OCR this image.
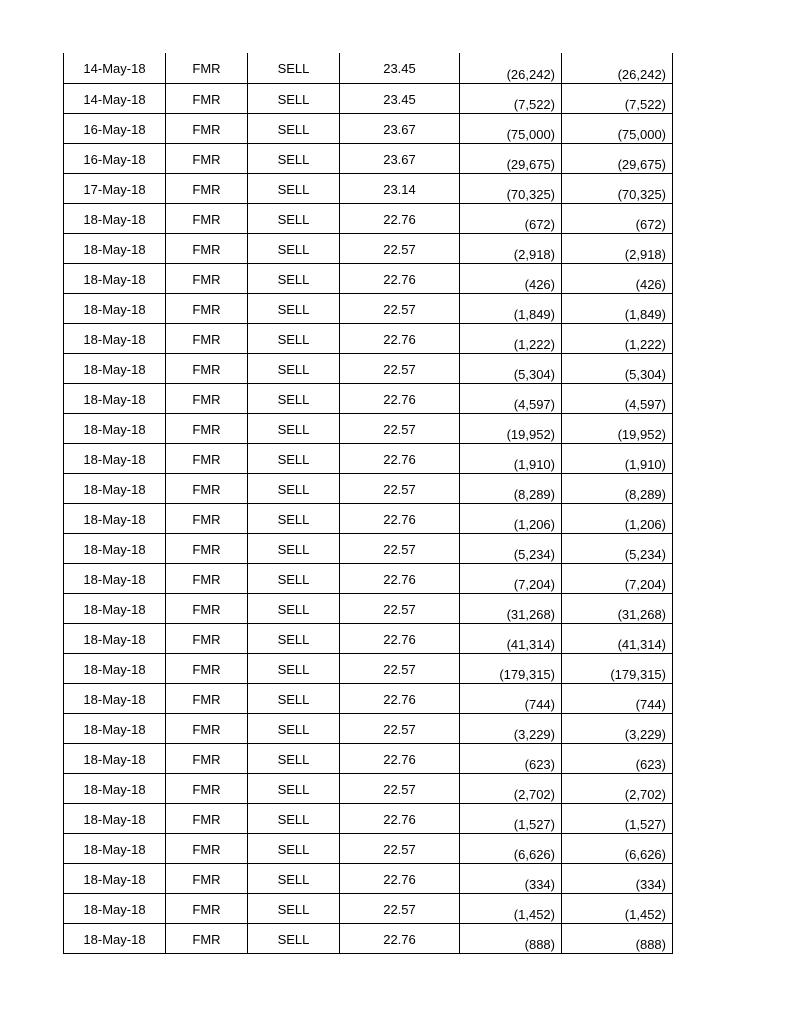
14-May-18	FMR	SELL	23.45	(26,242)	(26,242)
14-May-18	FMR	SELL	23.45	(7,522)	(7,522)
16-May-18	FMR	SELL	23.67	(75,000)	(75,000)
16-May-18	FMR	SELL	23.67	(29,675)	(29,675)
17-May-18	FMR	SELL	23.14	(70,325)	(70,325)
18-May-18	FMR	SELL	22.76	(672)	(672)
18-May-18	FMR	SELL	22.57	(2,918)	(2,918)
18-May-18	FMR	SELL	22.76	(426)	(426)
18-May-18	FMR	SELL	22.57	(1,849)	(1,849)
18-May-18	FMR	SELL	22.76	(1,222)	(1,222)
18-May-18	FMR	SELL	22.57	(5,304)	(5,304)
18-May-18	FMR	SELL	22.76	(4,597)	(4,597)
18-May-18	FMR	SELL	22.57	(19,952)	(19,952)
18-May-18	FMR	SELL	22.76	(1,910)	(1,910)
18-May-18	FMR	SELL	22.57	(8,289)	(8,289)
18-May-18	FMR	SELL	22.76	(1,206)	(1,206)
18-May-18	FMR	SELL	22.57	(5,234)	(5,234)
18-May-18	FMR	SELL	22.76	(7,204)	(7,204)
18-May-18	FMR	SELL	22.57	(31,268)	(31,268)
18-May-18	FMR	SELL	22.76	(41,314)	(41,314)
18-May-18	FMR	SELL	22.57	(179,315)	(179,315)
18-May-18	FMR	SELL	22.76	(744)	(744)
18-May-18	FMR	SELL	22.57	(3,229)	(3,229)
18-May-18	FMR	SELL	22.76	(623)	(623)
18-May-18	FMR	SELL	22.57	(2,702)	(2,702)
18-May-18	FMR	SELL	22.76	(1,527)	(1,527)
18-May-18	FMR	SELL	22.57	(6,626)	(6,626)
18-May-18	FMR	SELL	22.76	(334)	(334)
18-May-18	FMR	SELL	22.57	(1,452)	(1,452)
18-May-18	FMR	SELL	22.76	(888)	(888)
